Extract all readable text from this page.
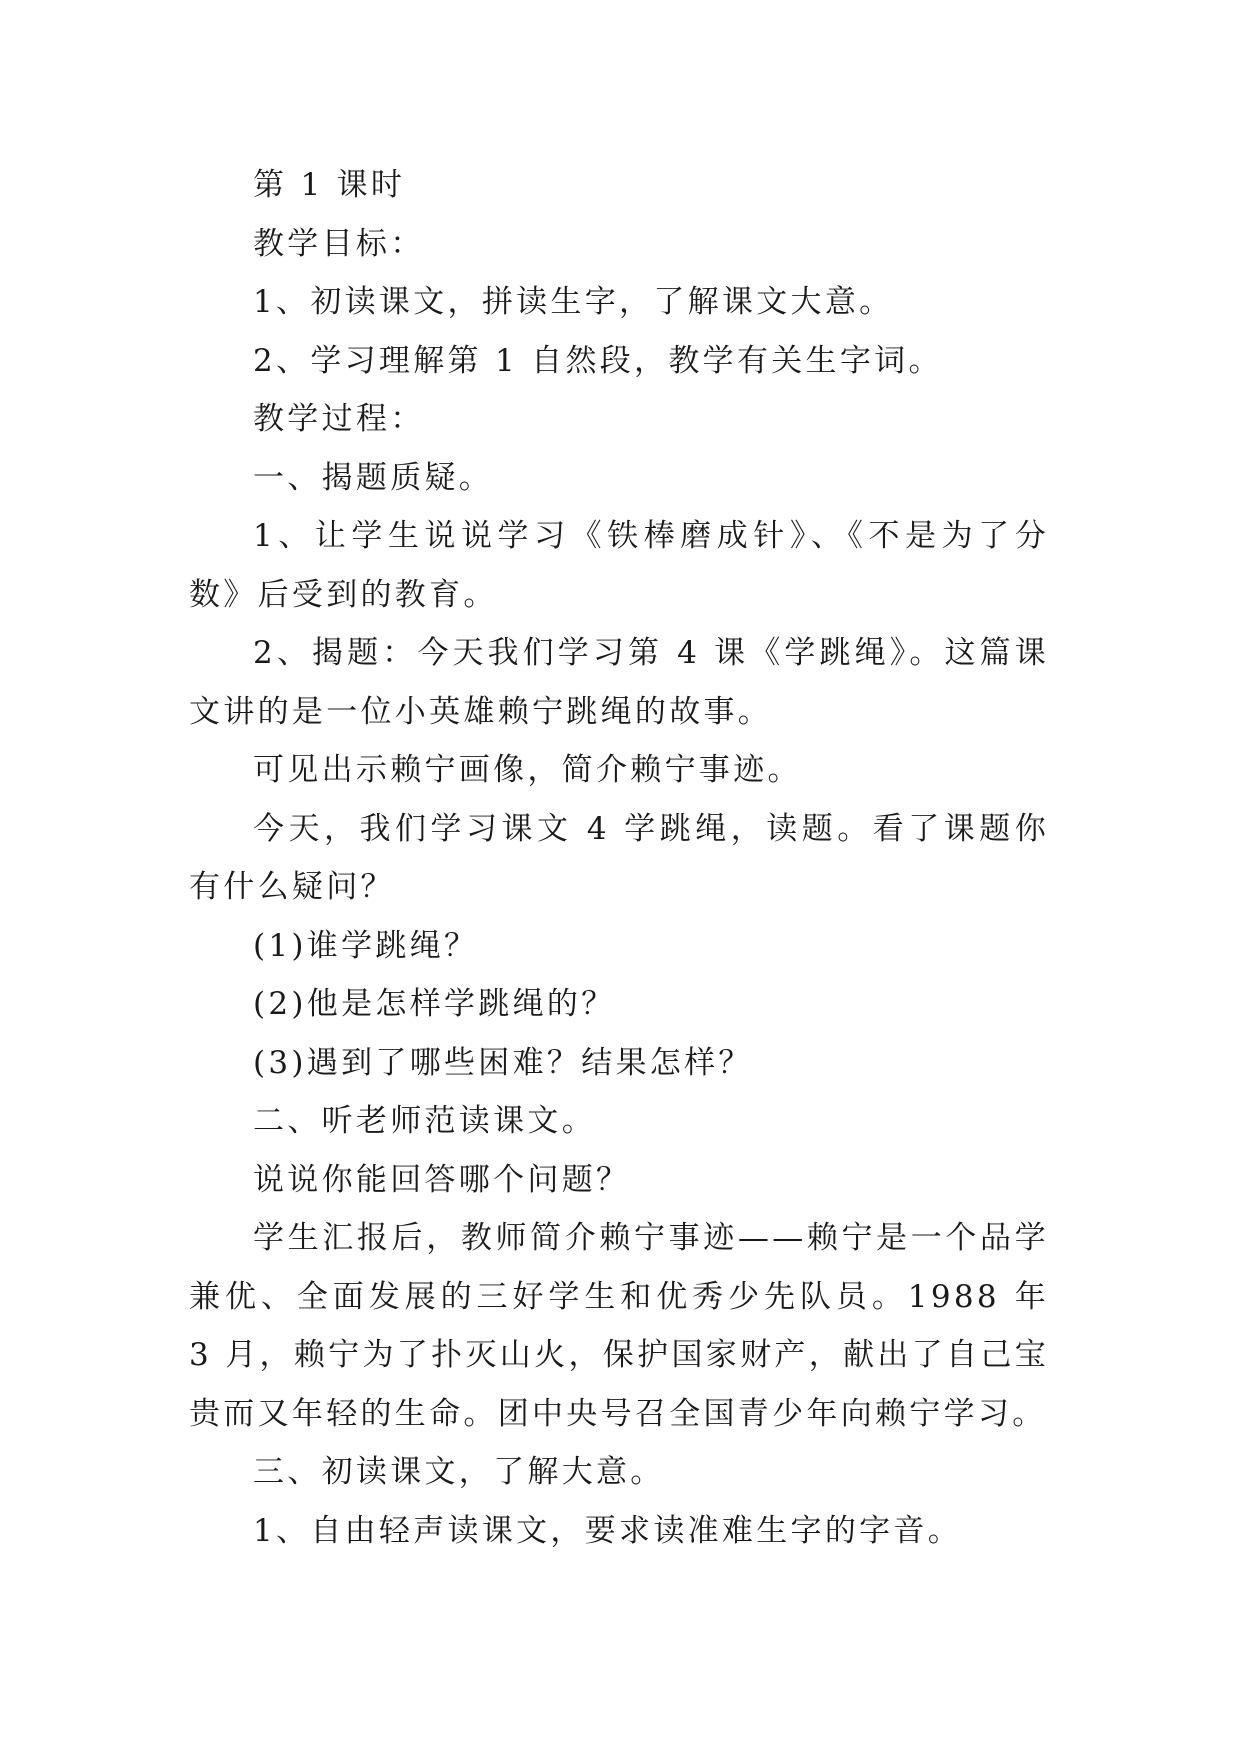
第 1 课时

教学目标：

1、初读课文，拼读生字，了解课文大意。

2、学习理解第 1 自然段，教学有关生字词。

教学过程：

一、揭题质疑。

1、让学生说说学习《铁棒磨成针》、《不是为了分数》后受到的教育。

2、揭题：今天我们学习第 4 课《学跳绳》。这篇课文讲的是一位小英雄赖宁跳绳的故事。

可见出示赖宁画像，简介赖宁事迹。

今天，我们学习课文 4 学跳绳，读题。看了课题你有什么疑问？

(1)谁学跳绳？

(2)他是怎样学跳绳的？

(3)遇到了哪些困难？结果怎样？

二、听老师范读课文。

说说你能回答哪个问题？

学生汇报后，教师简介赖宁事迹——赖宁是一个品学兼优、全面发展的三好学生和优秀少先队员。1988 年 3 月，赖宁为了扑灭山火，保护国家财产，献出了自己宝贵而又年轻的生命。团中央号召全国青少年向赖宁学习。

三、初读课文，了解大意。

1、自由轻声读课文，要求读准难生字的字音。
